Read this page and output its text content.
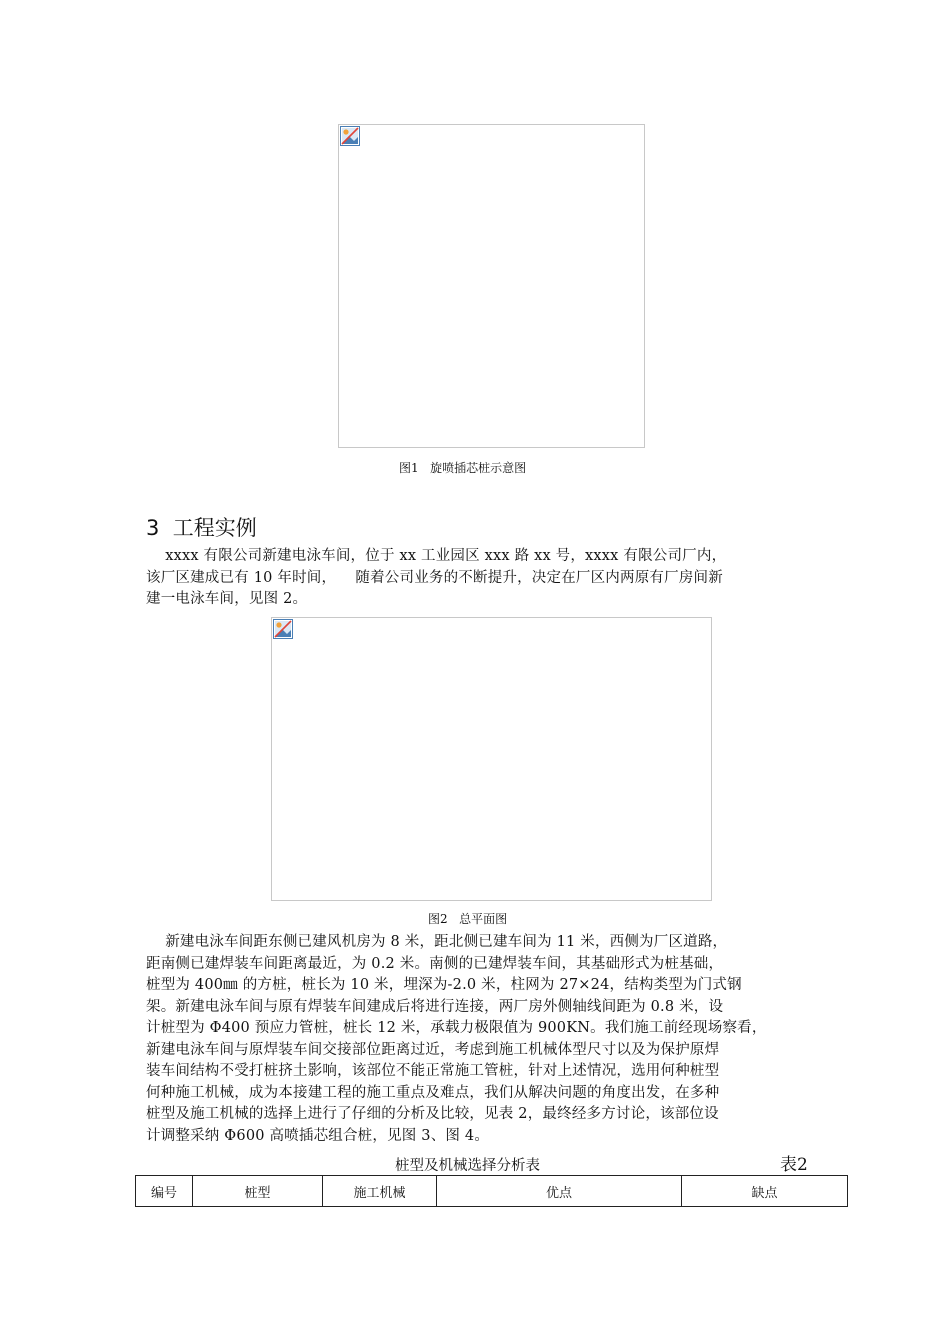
图1   旋喷插芯桩示意图
3  工程实例
xxxx 有限公司新建电泳车间，位于 xx 工业园区 xxx 路 xx 号，xxxx 有限公司厂内，
该厂区建成已有 10 年时间，    随着公司业务的不断提升，决定在厂区内两原有厂房间新
建一电泳车间，见图 2。
图2   总平面图
新建电泳车间距东侧已建风机房为 8 米，距北侧已建车间为 11 米，西侧为厂区道路，
距南侧已建焊装车间距离最近，为 0.2 米。南侧的已建焊装车间，其基础形式为桩基础，
桩型为 400㎜ 的方桩，桩长为 10 米，埋深为-2.0 米，柱网为 27×24，结构类型为门式钢
架。新建电泳车间与原有焊装车间建成后将进行连接，两厂房外侧轴线间距为 0.8 米，设
计桩型为 Φ400 预应力管桩，桩长 12 米，承载力极限值为 900KN。我们施工前经现场察看，
新建电泳车间与原焊装车间交接部位距离过近，考虑到施工机械体型尺寸以及为保护原焊
装车间结构不受打桩挤土影响，该部位不能正常施工管桩，针对上述情况，选用何种桩型
何种施工机械，成为本接建工程的施工重点及难点，我们从解决问题的角度出发，在多种
桩型及施工机械的选择上进行了仔细的分析及比较，见表 2，最终经多方讨论，该部位设
计调整采纳 Φ600 高喷插芯组合桩，见图 3、图 4。
桩型及机械选择分析表	表2
编号	桩型	施工机械	优点	缺点
